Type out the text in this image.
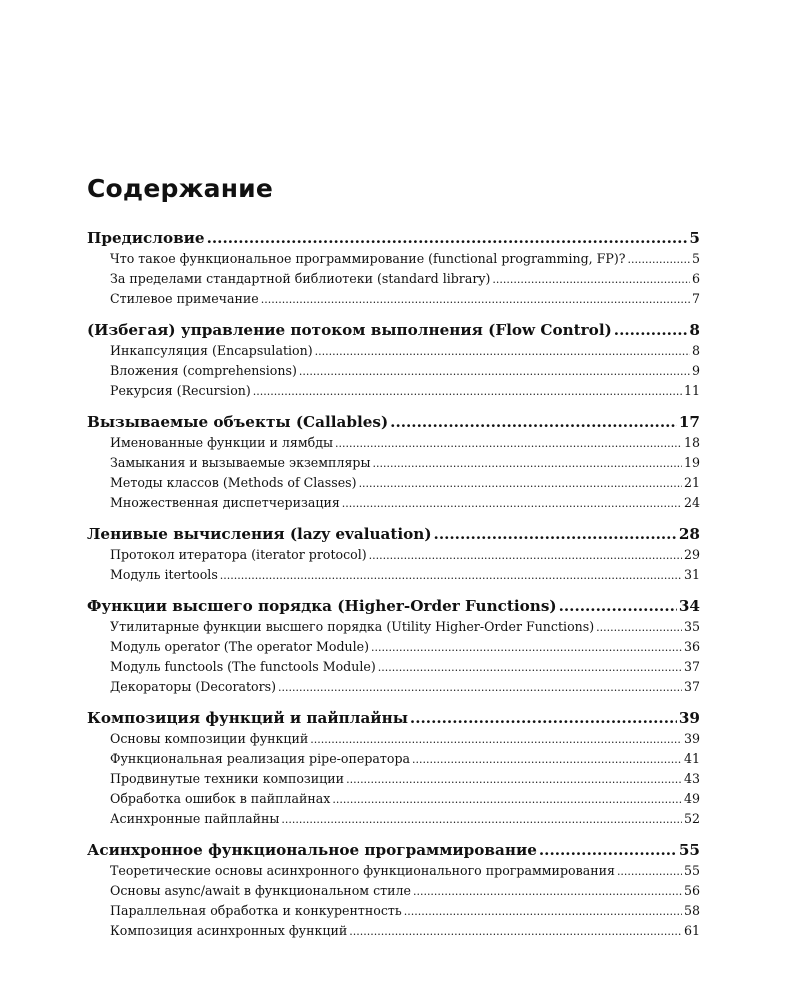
Содержание
Предисловие .....	5
Что такое функциональное программирование (functional programming, FP)? .....	5
За пределами стандартной библиотеки (standard library) .....	6
Стилевое примечание .....	7
(Избегая) управление потоком выполнения (Flow Control) .....	8
Инкапсуляция (Encapsulation) .....	8
Вложения (comprehensions) .....	9
Рекурсия (Recursion) .....	11
Вызываемые объекты (Callables) .....	17
Именованные функции и лямбды .....	18
Замыкания и вызываемые экземпляры .....	19
Методы классов (Methods of Classes) .....	21
Множественная диспетчеризация .....	24
Ленивые вычисления (lazy evaluation) .....	28
Протокол итератора (iterator protocol) .....	29
Модуль itertools .....	31
Функции высшего порядка (Higher-Order Functions) .....	34
Утилитарные функции высшего порядка (Utility Higher-Order Functions) .....	35
Модуль operator (The operator Module) .....	36
Модуль functools (The functools Module) .....	37
Декораторы (Decorators) .....	37
Композиция функций и пайплайны .....	39
Основы композиции функций .....	39
Функциональная реализация pipe-оператора .....	41
Продвинутые техники композиции .....	43
Обработка ошибок в пайплайнах .....	49
Асинхронные пайплайны .....	52
Асинхронное функциональное программирование .....	55
Теоретические основы асинхронного функционального программирования .....	55
Основы async/await в функциональном стиле .....	56
Параллельная обработка и конкурентность .....	58
Композиция асинхронных функций .....	61
